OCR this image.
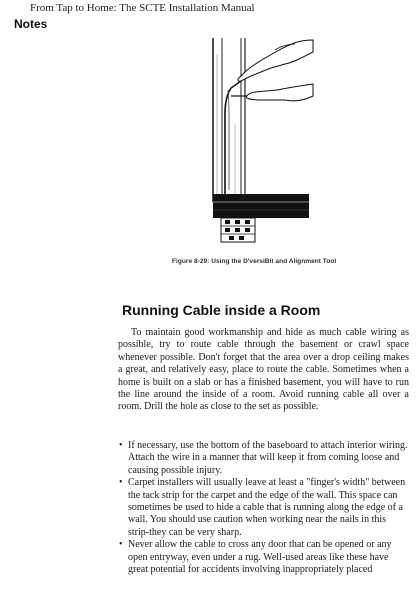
From Tap to Home: The SCTE Installation Manual
Notes
Figure 8-29: Using the D'versiBit and Alignment Tool
Running Cable inside a Room

To maintain good workmanship and hide as much cable wiring as possible, try to route cable through the basement or crawl space whenever possible. Don't forget that the area over a drop ceiling makes a great, and relatively easy, place to route the cable. Sometimes when a home is built on a slab or has a finished basement, you will have to run the line around the inside of a room. Avoid running cable all over a room. Drill the hole as close to the set as possible.

• If necessary, use the bottom of the baseboard to attach interior wiring. Attach the wire in a manner that will keep it from coming loose and causing possible injury.
• Carpet installers will usually leave at least a "finger's width" between the tack strip for the carpet and the edge of the wall. This space can sometimes be used to hide a cable that is running along the edge of a wall. You should use caution when working near the nails in this strip-they can be very sharp.
• Never allow the cable to cross any door that can be opened or any open entryway, even under a rug. Well-used areas like these have great potential for accidents involving inappropriately placed
